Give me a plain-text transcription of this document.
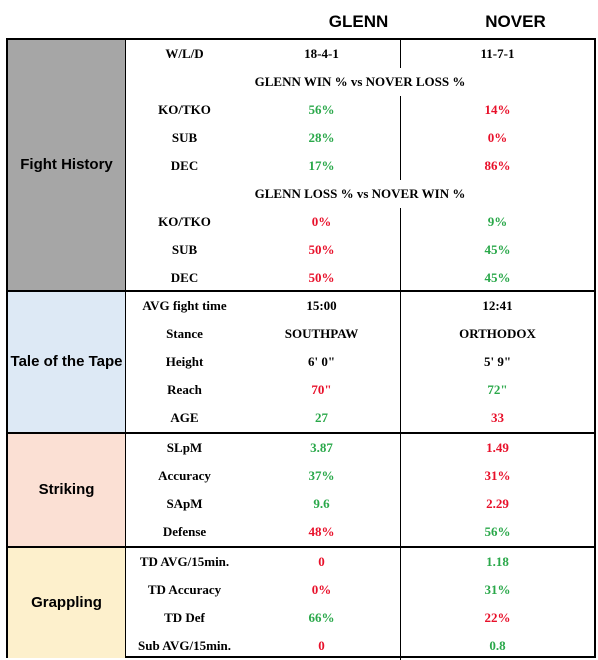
GLENN	NOVER
Fight History
W/L/D	18-4-1	11-7-1
GLENN WIN % vs NOVER LOSS %
KO/TKO	56%	14%
SUB	28%	0%
DEC	17%	86%
GLENN LOSS % vs NOVER WIN %
KO/TKO	0%	9%
SUB	50%	45%
DEC	50%	45%
Tale of the Tape
AVG fight time	15:00	12:41
Stance	SOUTHPAW	ORTHODOX
Height	6' 0"	5' 9"
Reach	70"	72"
AGE	27	33
Striking
SLpM	3.87	1.49
Accuracy	37%	31%
SApM	9.6	2.29
Defense	48%	56%
Grappling
TD AVG/15min.	0	1.18
TD Accuracy	0%	31%
TD Def	66%	22%
Sub AVG/15min.	0	0.8
